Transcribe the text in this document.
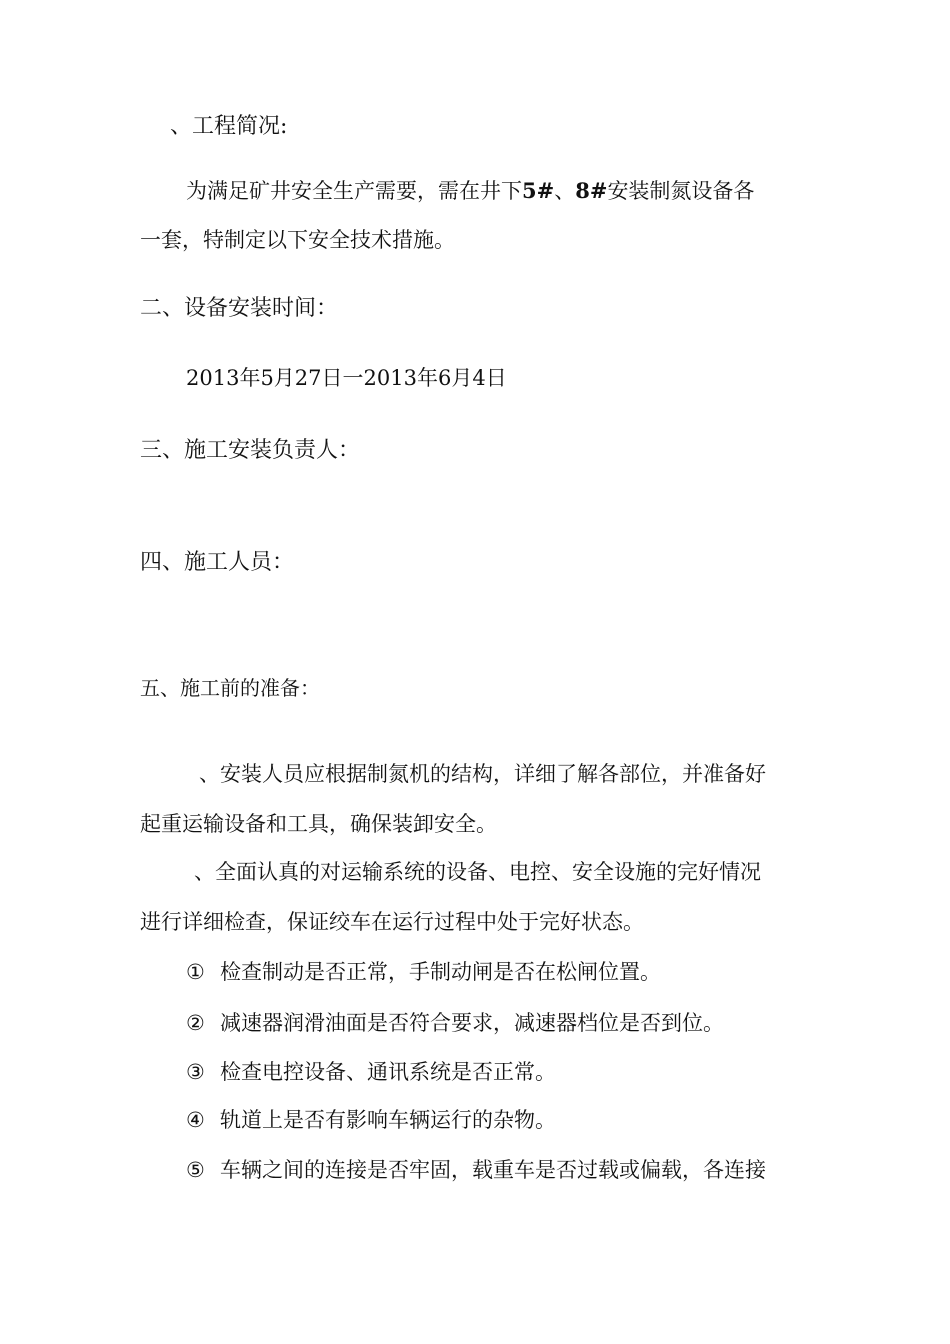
、工程简况:
为满足矿井安全生产需要，需在井下5#、8#安装制氮设备各
一套，特制定以下安全技术措施。
二、设备安装时间：
2013年5月27日一2013年6月4日
三、施工安装负责人：
四、施工人员：
五、施工前的准备：
、安装人员应根据制氮机的结构，详细了解各部位，并准备好
起重运输设备和工具，确保装卸安全。
、全面认真的对运输系统的设备、电控、安全设施的完好情况
进行详细检查，保证绞车在运行过程中处于完好状态。
① 检查制动是否正常，手制动闸是否在松闸位置。
② 减速器润滑油面是否符合要求，减速器档位是否到位。
③ 检查电控设备、通讯系统是否正常。
④ 轨道上是否有影响车辆运行的杂物。
⑤ 车辆之间的连接是否牢固，载重车是否过载或偏载，各连接
